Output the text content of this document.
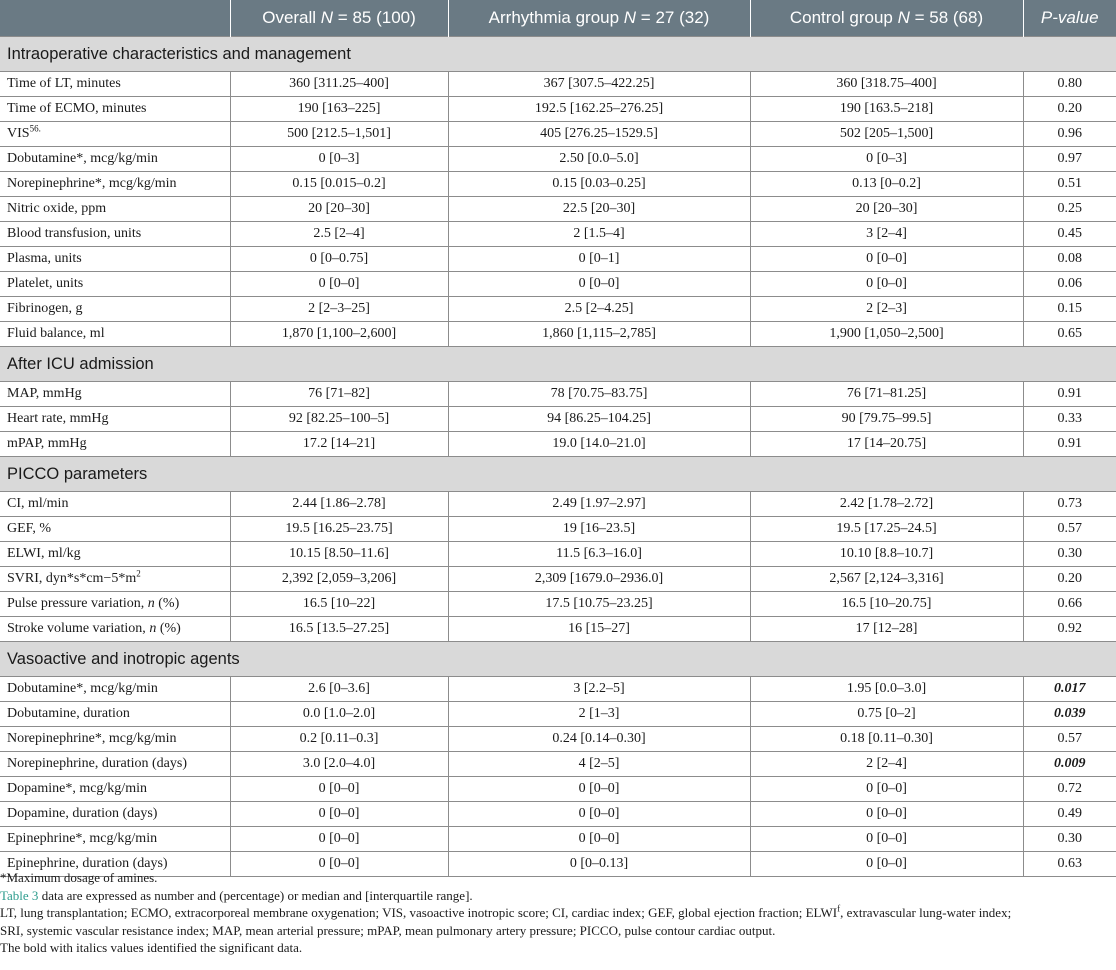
	Overall N = 85 (100)	Arrhythmia group N = 27 (32)	Control group N = 58 (68)	P-value
Intraoperative characteristics and management				
Time of LT, minutes	360 [311.25–400]	367 [307.5–422.25]	360 [318.75–400]	0.80
Time of ECMO, minutes	190 [163–225]	192.5 [162.25–276.25]	190 [163.5–218]	0.20
$VIS^{56.}$	500 [212.5–1,501]	405 [276.25–1529.5]	502 [205–1,500]	0.96
Dobutamine*, mcg/kg/min	0 [0–3]	2.50 [0.0–5.0]	0 [0–3]	0.97
Norepinephrine*, mcg/kg/min	0.15 [0.015–0.2]	0.15 [0.03–0.25]	0.13 [0–0.2]	0.51
Nitric oxide, ppm	20 [20–30]	22.5 [20–30]	20 [20–30]	0.25
Blood transfusion, units	2.5 [2–4]	2 [1.5–4]	3 [2–4]	0.45
Plasma, units	0 [0–0.75]	0 [0–1]	0 [0–0]	0.08
Platelet, units	0 [0–0]	0 [0–0]	0 [0–0]	0.06
Fibrinogen, g	2 [2–3–25]	2.5 [2–4.25]	2 [2–3]	0.15
Fluid balance, ml	1,870 [1,100–2,600]	1,860 [1,115–2,785]	1,900 [1,050–2,500]	0.65
After ICU admission				
MAP, mmHg	76 [71–82]	78 [70.75–83.75]	76 [71–81.25]	0.91
Heart rate, mmHg	92 [82.25–100–5]	94 [86.25–104.25]	90 [79.75–99.5]	0.33
mPAP, mmHg	17.2 [14–21]	19.0 [14.0–21.0]	17 [14–20.75]	0.91
PICCO parameters				
CI, ml/min	2.44 [1.86–2.78]	2.49 [1.97–2.97]	2.42 [1.78–2.72]	0.73
GEF, %	19.5 [16.25–23.75]	19 [16–23.5]	19.5 [17.25–24.5]	0.57
ELWI, ml/kg	10.15 [8.50–11.6]	11.5 [6.3–16.0]	10.10 [8.8–10.7]	0.30
SVRI, $dyn*s*cm-5*m^2$	2,392 [2,059–3,206]	2,309 [1679.0–2936.0]	2,567 [2,124–3,316]	0.20
Pulse pressure variation, n (%)	16.5 [10–22]	17.5 [10.75–23.25]	16.5 [10–20.75]	0.66
Stroke volume variation, n (%)	16.5 [13.5–27.25]	16 [15–27]	17 [12–28]	0.92
Vasoactive and inotropic agents				
Dobutamine*, mcg/kg/min	2.6 [0–3.6]	3 [2.2–5]	1.95 [0.0–3.0]	0.017
Dobutamine, duration	0.0 [1.0–2.0]	2 [1–3]	0.75 [0–2]	0.039
Norepinephrine*, mcg/kg/min	0.2 [0.11–0.3]	0.24 [0.14–0.30]	0.18 [0.11–0.30]	0.57
Norepinephrine, duration (days)	3.0 [2.0–4.0]	4 [2–5]	2 [2–4]	0.009
Dopamine*, mcg/kg/min	0 [0–0]	0 [0–0]	0 [0–0]	0.72
Dopamine, duration (days)	0 [0–0]	0 [0–0]	0 [0–0]	0.49
Epinephrine*, mcg/kg/min	0 [0–0]	0 [0–0]	0 [0–0]	0.30
Epinephrine, duration (days)	0 [0–0]	0 [0–0.13]	0 [0–0]	0.63
*Maximum dosage of amines.
Table 3 data are expressed as number and (percentage) or median and [interquartile range].
LT, lung transplantation; ECMO, extracorporeal membrane oxygenation; VIS, vasoactive inotropic score; CI, cardiac index; GEF, global ejection fraction; ELWI$^f$, extravascular lung-water index;
SRI, systemic vascular resistance index; MAP, mean arterial pressure; mPAP, mean pulmonary artery pressure; PICCO, pulse contour cardiac output.
The bold with italics values identified the significant data.
